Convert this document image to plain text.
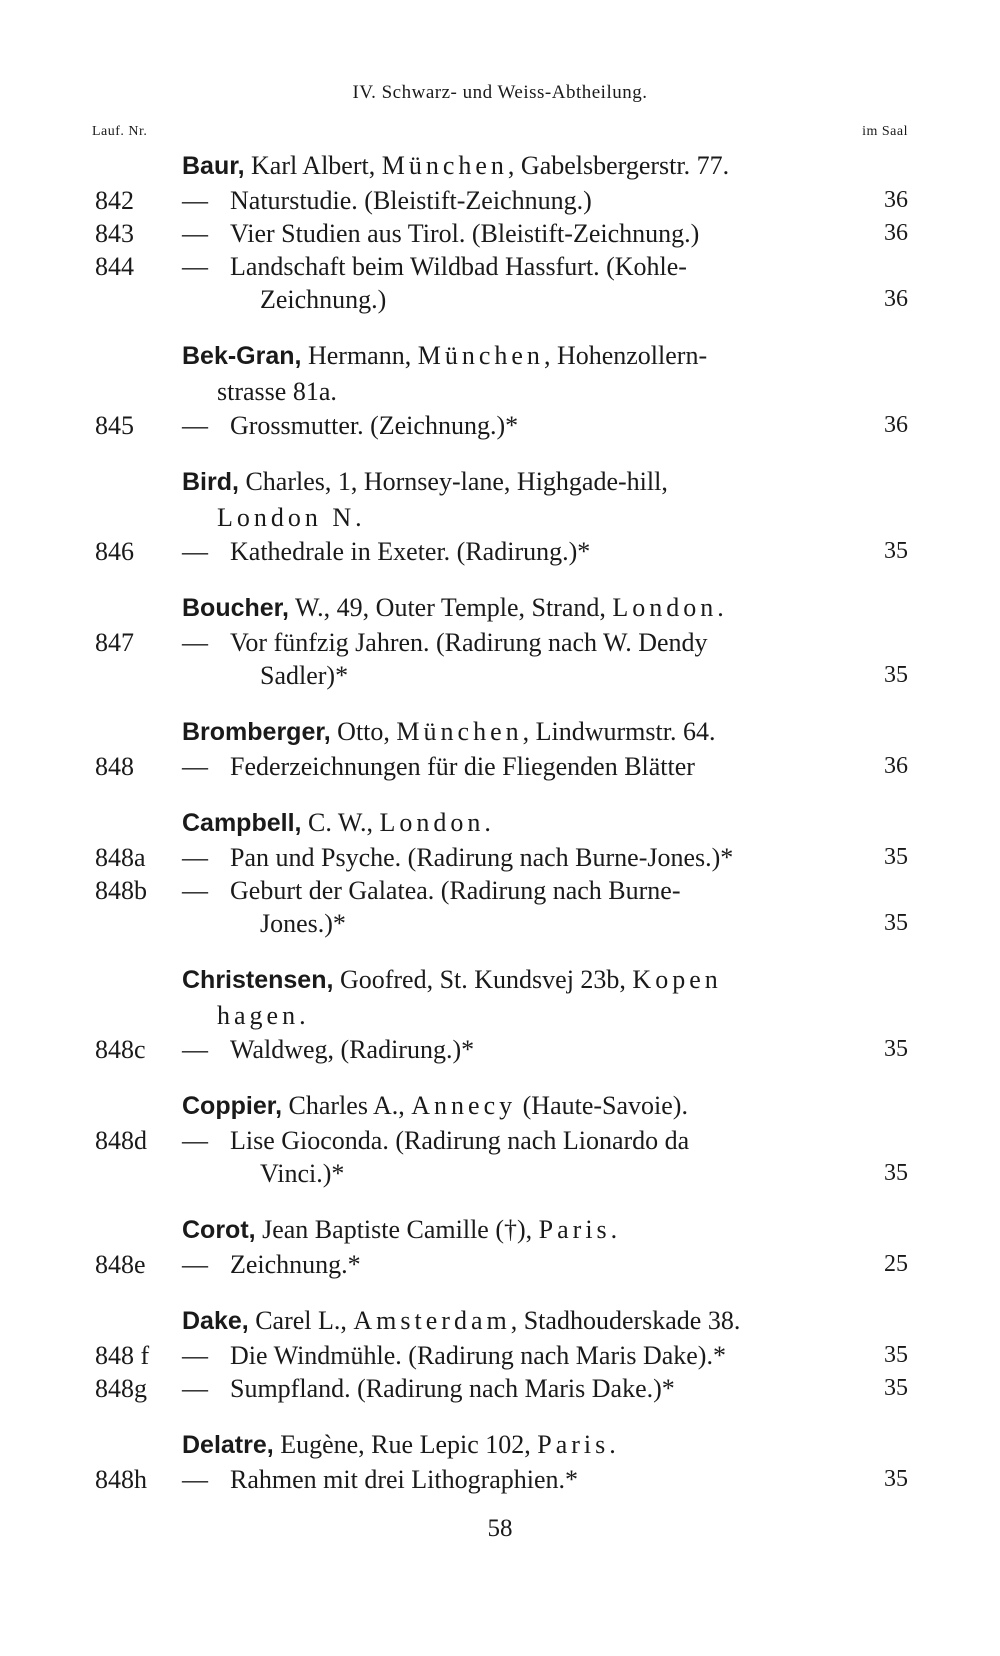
IV. Schwarz- und Weiss-Abtheilung.
Lauf. Nr.	im Saal
Baur, Karl Albert, München, Gabelsbergerstr. 77.
842 — Naturstudie. (Bleistift-Zeichnung.)	36
843 — Vier Studien aus Tirol. (Bleistift-Zeichnung.)	36
844 — Landschaft beim Wildbad Hassfurt. (Kohle-
Zeichnung.)	36
Bek-Gran, Hermann, München, Hohenzollern-
strasse 81a.
845 — Grossmutter. (Zeichnung.)*	36
Bird, Charles, 1, Hornsey-lane, Highgade-hill,
London N.
846 — Kathedrale in Exeter. (Radirung.)*	35
Boucher, W., 49, Outer Temple, Strand, London.
847 — Vor fünfzig Jahren. (Radirung nach W. Dendy
Sadler)*	35
Bromberger, Otto, München, Lindwurmstr. 64.
848 — Federzeichnungen für die Fliegenden Blätter	36
Campbell, C. W., London.
848a — Pan und Psyche. (Radirung nach Burne-Jones.)*	35
848b — Geburt der Galatea. (Radirung nach Burne-
Jones.)*	35
Christensen, Goofred, St. Kundsvej 23b, Kopen
hagen.
848c — Waldweg, (Radirung.)*	35
Coppier, Charles A., Annecy (Haute-Savoie).
848d — Lise Gioconda. (Radirung nach Lionardo da
Vinci.)*	35
Corot, Jean Baptiste Camille (†), Paris.
848e — Zeichnung.*	25
Dake, Carel L., Amsterdam, Stadhouderskade 38.
848 f — Die Windmühle. (Radirung nach Maris Dake).*	35
848g — Sumpfland. (Radirung nach Maris Dake.)*	35
Delatre, Eugène, Rue Lepic 102, Paris.
848h — Rahmen mit drei Lithographien.*	35
58
